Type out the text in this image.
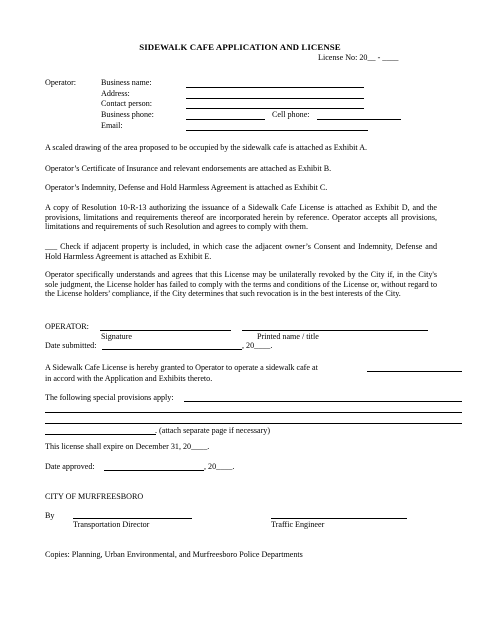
SIDEWALK CAFE APPLICATION AND LICENSE
License No: 20__ - ____
Operator:	Business name:
Address:
Contact person:
Business phone:	Cell phone:
Email:
A scaled drawing of the area proposed to be occupied by the sidewalk cafe is attached as Exhibit A.
Operator’s Certificate of Insurance and relevant endorsements are attached as Exhibit B.
Operator’s Indemnity, Defense and Hold Harmless Agreement is attached as Exhibit C.
A copy of Resolution 10-R-13 authorizing the issuance of a Sidewalk Cafe License is attached as Exhibit D, and the provisions, limitations and requirements thereof are incorporated herein by reference. Operator accepts all provisions, limitations and requirements of such Resolution and agrees to comply with them.
___ Check if adjacent property is included, in which case the adjacent owner’s Consent and Indemnity, Defense and Hold Harmless Agreement is attached as Exhibit E.
Operator specifically understands and agrees that this License may be unilaterally revoked by the City if, in the City's sole judgment, the License holder has failed to comply with the terms and conditions of the License or, without regard to the License holders’ compliance, if the City determines that such revocation is in the best interests of the City.
OPERATOR:
Signature	Printed name / title
Date submitted:	, 20____.
A Sidewalk Cafe License is hereby granted to Operator to operate a sidewalk cafe at
in accord with the Application and Exhibits thereto.
The following special provisions apply:
. (attach separate page if necessary)
This license shall expire on December 31, 20____.
Date approved:	, 20____.
CITY OF MURFREESBORO
By
Transportation Director	Traffic Engineer
Copies: Planning, Urban Environmental, and Murfreesboro Police Departments
